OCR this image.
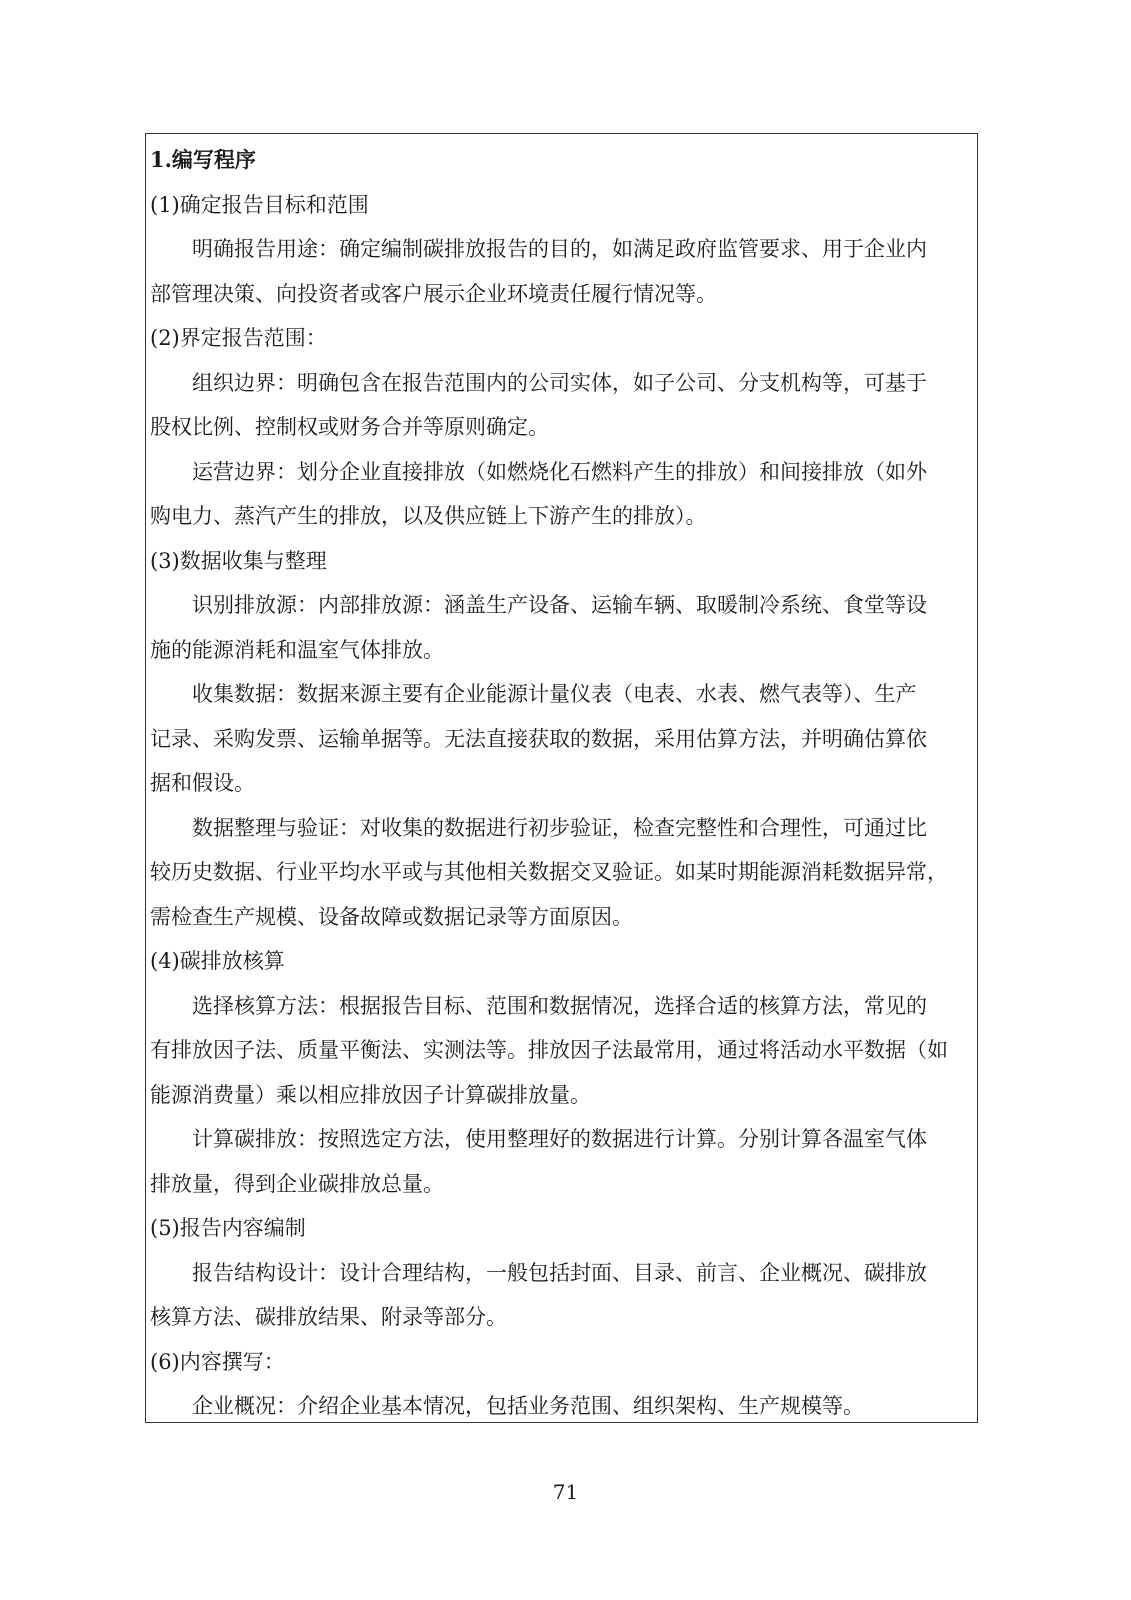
1.编写程序

(1)确定报告目标和范围

明确报告用途：确定编制碳排放报告的目的，如满足政府监管要求、用于企业内

部管理决策、向投资者或客户展示企业环境责任履行情况等。

(2)界定报告范围：

组织边界：明确包含在报告范围内的公司实体，如子公司、分支机构等，可基于

股权比例、控制权或财务合并等原则确定。

运营边界：划分企业直接排放（如燃烧化石燃料产生的排放）和间接排放（如外

购电力、蒸汽产生的排放，以及供应链上下游产生的排放）。

(3)数据收集与整理

识别排放源：内部排放源：涵盖生产设备、运输车辆、取暖制冷系统、食堂等设

施的能源消耗和温室气体排放。

收集数据：数据来源主要有企业能源计量仪表（电表、水表、燃气表等）、生产

记录、采购发票、运输单据等。无法直接获取的数据，采用估算方法，并明确估算依

据和假设。

数据整理与验证：对收集的数据进行初步验证，检查完整性和合理性，可通过比

较历史数据、行业平均水平或与其他相关数据交叉验证。如某时期能源消耗数据异常，

需检查生产规模、设备故障或数据记录等方面原因。

(4)碳排放核算

选择核算方法：根据报告目标、范围和数据情况，选择合适的核算方法，常见的

有排放因子法、质量平衡法、实测法等。排放因子法最常用，通过将活动水平数据（如

能源消费量）乘以相应排放因子计算碳排放量。

计算碳排放：按照选定方法，使用整理好的数据进行计算。分别计算各温室气体

排放量，得到企业碳排放总量。

(5)报告内容编制

报告结构设计：设计合理结构，一般包括封面、目录、前言、企业概况、碳排放

核算方法、碳排放结果、附录等部分。

(6)内容撰写：

企业概况：介绍企业基本情况，包括业务范围、组织架构、生产规模等。

71
